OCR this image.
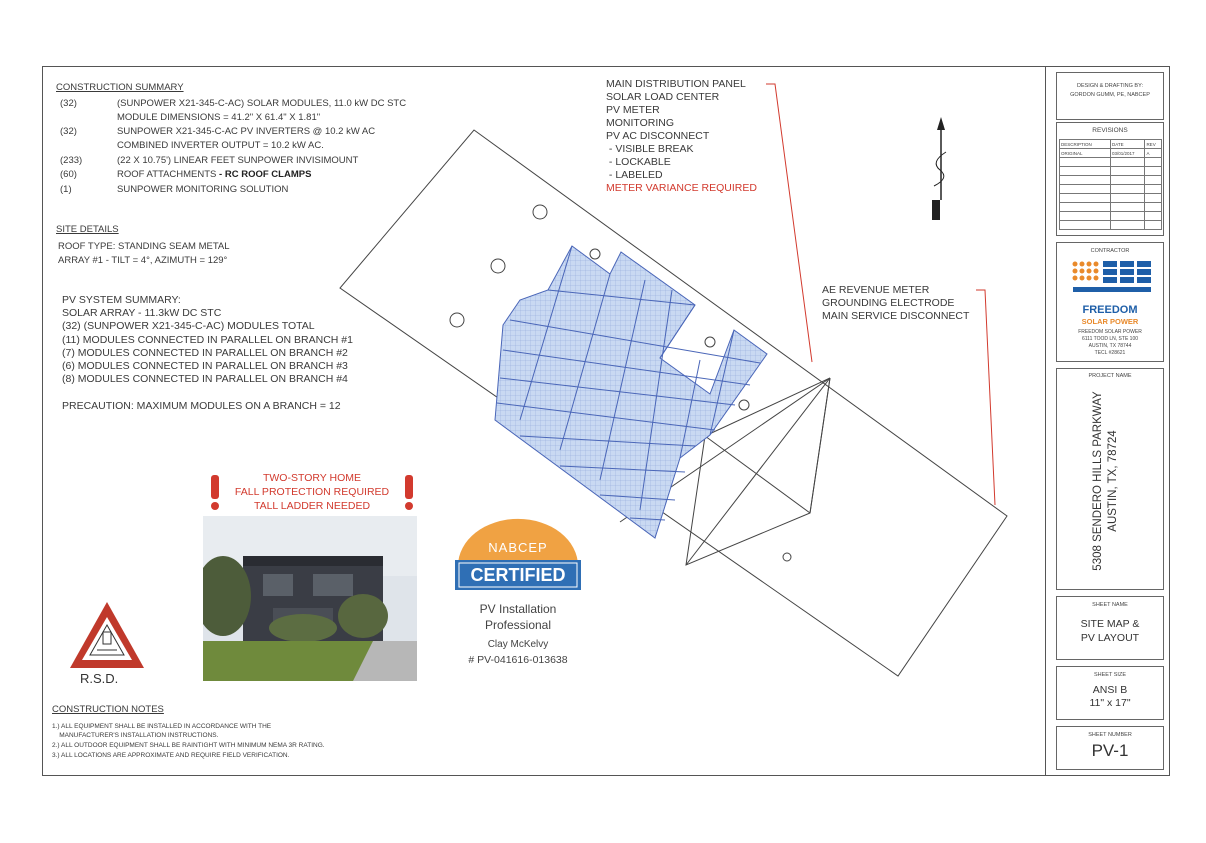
CONSTRUCTION SUMMARY
(32)	(SUNPOWER X21-345-C-AC) SOLAR MODULES, 11.0 kW DC STC
MODULE DIMENSIONS = 41.2" X 61.4" X 1.81"
(32)	SUNPOWER X21-345-C-AC PV INVERTERS @ 10.2 kW AC
COMBINED INVERTER OUTPUT = 10.2 kW AC.
(233)	(22 X 10.75') LINEAR FEET SUNPOWER INVISIMOUNT
(60)	ROOF ATTACHMENTS - RC ROOF CLAMPS
(1)	SUNPOWER MONITORING SOLUTION
SITE DETAILS
ROOF TYPE: STANDING SEAM METAL
ARRAY #1 - TILT = 4°, AZIMUTH = 129°
PV SYSTEM SUMMARY:
SOLAR ARRAY - 11.3kW DC STC
(32) (SUNPOWER X21-345-C-AC) MODULES TOTAL
(11) MODULES CONNECTED IN PARALLEL ON BRANCH #1
(7) MODULES CONNECTED IN PARALLEL ON BRANCH #2
(6) MODULES CONNECTED IN PARALLEL ON BRANCH #3
(8) MODULES CONNECTED IN PARALLEL ON BRANCH #4
PRECAUTION: MAXIMUM MODULES ON A BRANCH = 12
MAIN DISTRIBUTION PANEL
SOLAR LOAD CENTER
PV METER
MONITORING
PV AC DISCONNECT
- VISIBLE BREAK
- LOCKABLE
- LABELED
METER VARIANCE REQUIRED
AE REVENUE METER
GROUNDING ELECTRODE
MAIN SERVICE DISCONNECT
NABCEP
CERTIFIED
PV Installation
Professional
Clay McKelvy
# PV-041616-013638
TWO-STORY HOME
FALL PROTECTION REQUIRED
TALL LADDER NEEDED
R.S.D.
CONSTRUCTION NOTES
1.) ALL EQUIPMENT SHALL BE INSTALLED IN ACCORDANCE WITH THE
MANUFACTURER'S INSTALLATION INSTRUCTIONS.
2.) ALL OUTDOOR EQUIPMENT SHALL BE RAINTIGHT WITH MINIMUM NEMA 3R RATING.
3.) ALL LOCATIONS ARE APPROXIMATE AND REQUIRE FIELD VERIFICATION.
DESIGN & DRAFTING BY:
GORDON GUMM, PE, NABCEP
REVISIONS
DESCRIPTION	DATE	REV
ORIGINAL	03/01/2017	A

CONTRACTOR
FREEDOM
SOLAR POWER
FREEDOM SOLAR POWER
6111 TOOD LN, STE 100
AUSTIN, TX 78744
TECL #28621
PROJECT NAME
5308 SENDERO HILLS PARKWAY AUSTIN, TX, 78724
SHEET NAME
SITE MAP &
PV LAYOUT
SHEET SIZE
ANSI B
11" x 17"
SHEET NUMBER
PV-1
